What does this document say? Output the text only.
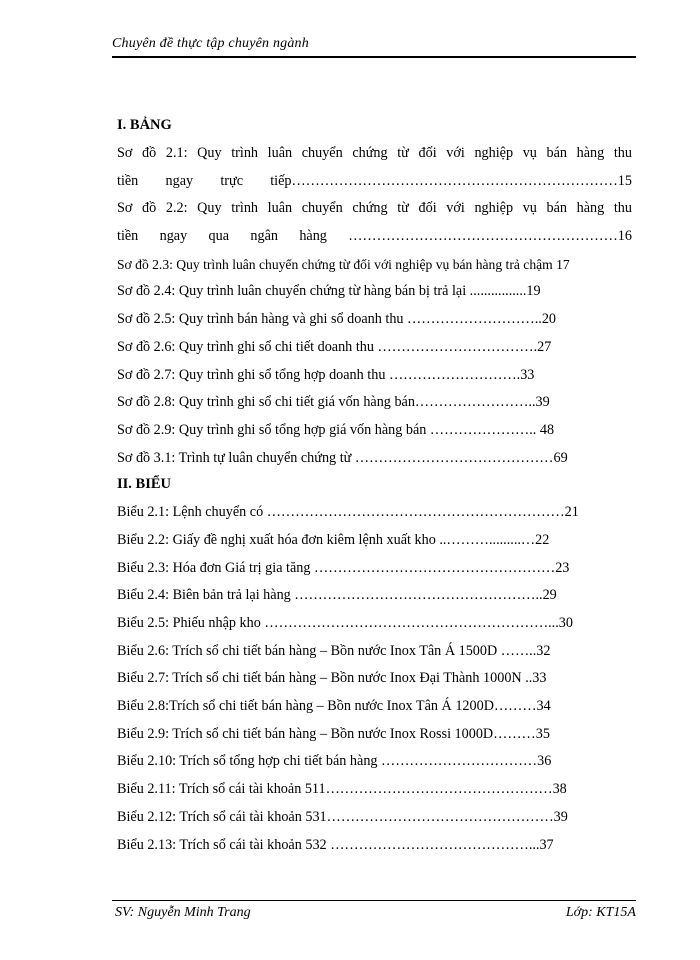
Chuyên đề thực tập chuyên ngành
I. BẢNG
Sơ đồ 2.1: Quy trình luân chuyển chứng từ đối với nghiệp vụ bán hàng thu
tiền ngay trực tiếp……………………………………………………………15
Sơ đồ 2.2: Quy trình luân chuyển chứng từ đối với nghiệp vụ bán hàng thu
tiền ngay qua ngân hàng …………………………………………………16
Sơ đồ 2.3: Quy trình luân chuyển chứng từ đối với nghiệp vụ bán hàng trả chậm 17
Sơ đồ 2.4: Quy trình luân chuyển chứng từ hàng bán bị trả lại ................19
Sơ đồ 2.5: Quy trình bán hàng và ghi sổ doanh thu ………………………..20
Sơ đồ 2.6: Quy trình ghi sổ chi tiết doanh thu …………………………….27
Sơ đồ 2.7: Quy trình ghi sổ tổng hợp doanh thu ……………………….33
Sơ đồ 2.8: Quy trình ghi sổ chi tiết giá vốn hàng bán……………………..39
Sơ đồ 2.9: Quy trình ghi sổ tổng hợp giá vốn hàng bán ………………….. 48
Sơ đồ 3.1: Trình tự luân chuyển chứng từ ……………………………………69
II. BIỂU
Biểu 2.1: Lệnh chuyển có ………………………………………………………21
Biểu 2.2: Giấy đề nghị xuất hóa đơn kiêm lệnh xuất kho ..……….........…22
Biểu 2.3: Hóa đơn Giá trị gia tăng ……………………………………………23
Biểu 2.4: Biên bản trả lại hàng ……………………………………………..29
Biểu 2.5: Phiếu nhập kho ……………………………………………………...30
Biểu 2.6: Trích sổ chi tiết bán hàng – Bồn nước Inox Tân Á 1500D ……..32
Biểu 2.7: Trích sổ chi tiết bán hàng – Bồn nước Inox Đại Thành 1000N ..33
Biểu 2.8:Trích sổ chi tiết bán hàng – Bồn nước Inox Tân Á 1200D………34
Biểu 2.9: Trích sổ chi tiết bán hàng – Bồn nước Inox Rossi 1000D………35
Biểu 2.10: Trích sổ tổng hợp chi tiết bán hàng ……………………………36
Biểu 2.11: Trích sổ cái tài khoản 511…………………………………………38
Biểu 2.12: Trích sổ cái tài khoản 531…………………………………………39
Biểu 2.13: Trích sổ cái tài khoản 532 ……………………………………...37
SV: Nguyễn Minh Trang	Lớp: KT15A
